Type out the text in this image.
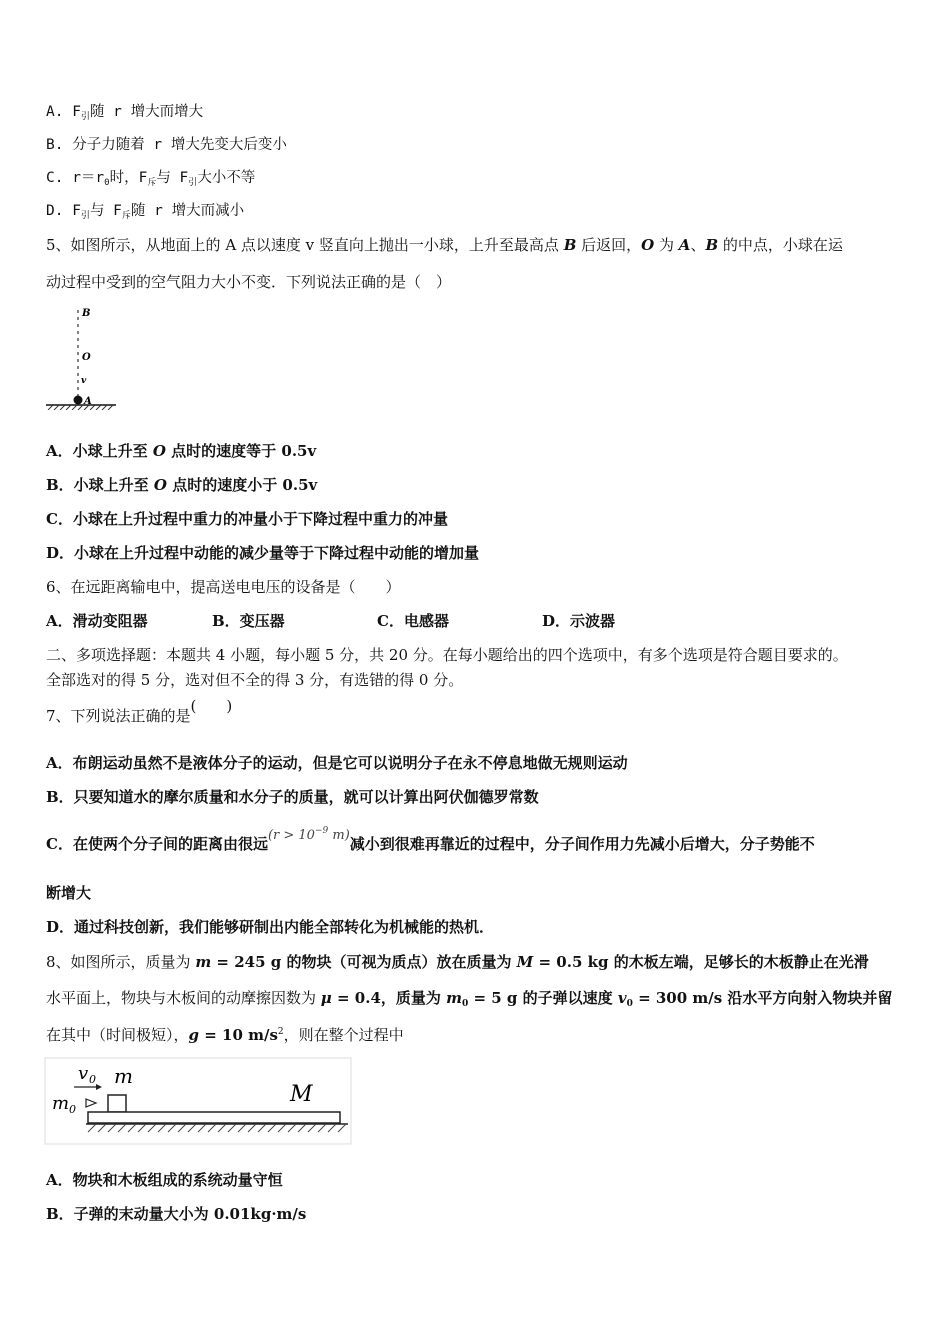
A. $F_引$随 r 增大而增大
B. 分子力随着 r 增大先变大后变小
C. $r=r_0$时，$F_斥$与 $F_引$大小不等
D. $F_引$与 $F_斥$随 r 增大而减小
5、如图所示，从地面上的 A 点以速度 v 竖直向上抛出一小球，上升至最高点 B 后返回，O 为 A、B 的中点，小球在运
动过程中受到的空气阻力大小不变．下列说法正确的是（　）
B
O
v
A
A．小球上升至 O 点时的速度等于 0.5v
B．小球上升至 O 点时的速度小于 0.5v
C．小球在上升过程中重力的冲量小于下降过程中重力的冲量
D．小球在上升过程中动能的减少量等于下降过程中动能的增加量
6、在远距离输电中，提高送电电压的设备是（　　）
A．滑动变阻器	B．变压器	C．电感器	D．示波器
二、多项选择题：本题共 4 小题，每小题 5 分，共 20 分。在每小题给出的四个选项中，有多个选项是符合题目要求的。
全部选对的得 5 分，选对但不全的得 3 分，有选错的得 0 分。
7、下列说法正确的是(　　)
A．布朗运动虽然不是液体分子的运动，但是它可以说明分子在永不停息地做无规则运动
B．只要知道水的摩尔质量和水分子的质量，就可以计算出阿伏伽德罗常数
C．在使两个分子间的距离由很远($r > 10^{-9}$ m)减小到很难再靠近的过程中，分子间作用力先减小后增大，分子势能不
断增大
D．通过科技创新，我们能够研制出内能全部转化为机械能的热机．
8、如图所示，质量为 m = 245 g 的物块（可视为质点）放在质量为 M = 0.5 kg 的木板左端，足够长的木板静止在光滑
水平面上，物块与木板间的动摩擦因数为 μ = 0.4，质量为 $m_0 = 5$ g 的子弹以速度 $v_0 = 300$ m/s 沿水平方向射入物块并留
在其中（时间极短），g = 10 $m/s^2$，则在整个过程中
v 0 m
m 0
M
A．物块和木板组成的系统动量守恒
B．子弹的末动量大小为 0.01kg·m/s
